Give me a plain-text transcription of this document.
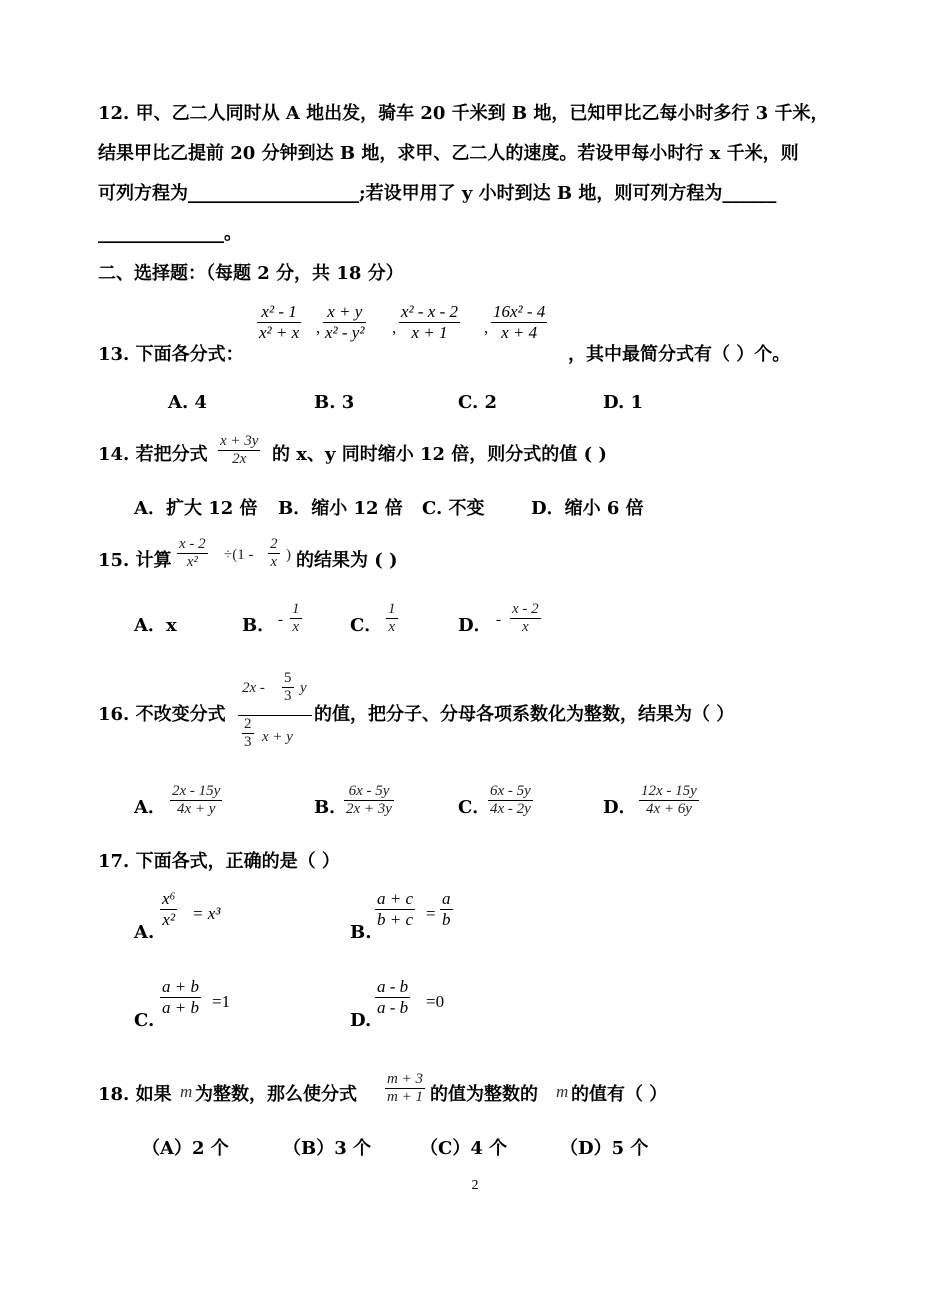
12. 甲、乙二人同时从 A 地出发，骑车 20 千米到 B 地，已知甲比乙每小时多行 3 千米，
结果甲比乙提前 20 分钟到达 B 地，求甲、乙二人的速度。若设甲每小时行 x 千米，则
可列方程为___________________;若设甲用了 y 小时到达 B 地，则可列方程为______
______________。
二、选择题：（每题 2 分，共 18 分）
13. 下面各分式：
$\frac{\text{x² - 1}}{\text{x² + x}}$ , $\frac{x + y}{\text{x² - y²}}$ , $\frac{\text{x² - x - 2}}{x + 1}$ , $\frac{\text{16x² - 4}}{x + 4}$
，其中最简分式有（ ）个。
A. 4	B. 3	C. 2	D. 1
14. 若把分式 $\frac{x + 3y}{2x}$ 的 x、y 同时缩小 12 倍，则分式的值 ( )
A．扩大 12 倍 B．缩小 12 倍 C. 不变	D．缩小 6 倍
15. 计算 $\frac{x - 2}{\text{x²}} \div(1 - \frac{2}{x}$ ) 的结果为 ( )
A．x	B． - $\frac{1}{x}$	C． $\frac{1}{x}$	D． - $\frac{x - 2}{x}$
16. 不改变分式
$2x - \frac{5}{3}$ y
$\frac{2}{3}$ x + y
的值，把分子、分母各项系数化为整数，结果为（ ）
A． $\frac{2x - 15y}{4x + y}$	B．
$\frac{6x - 5y}{2x + 3y}$	C．
$\frac{6x - 5y}{4x - 2y}$	D． $\frac{12x - 15y}{4x + 6y}$
17. 下面各式，正确的是（ ）
A.
$\frac{\text{x⁶}}{\text{x²}} = x^3$
B.
$\frac{a + c}{b + c} = \frac{a}{b}$
C.
$\frac{a + b}{a + b} =1$
D.
$\frac{a - b}{a - b} =0$
18. 如果 m 为整数，那么使分式 $\frac{m + 3}{m + 1}$ 的值为整数的 m 的值有（ ）
（A）2 个	（B）3 个	（C）4 个	（D）5 个
2
